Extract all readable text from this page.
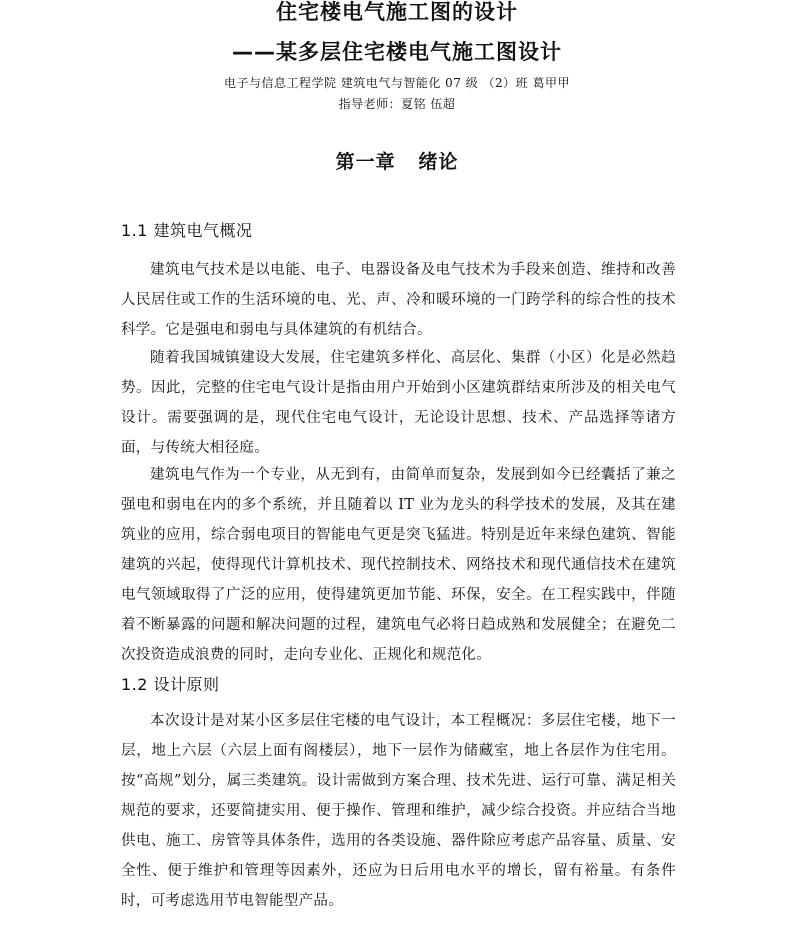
住宅楼电气施工图的设计
——某多层住宅楼电气施工图设计
电子与信息工程学院 建筑电气与智能化 07 级 （2）班 葛甲甲
指导老师：夏铭 伍超
第一章   绪论
1.1 建筑电气概况

建筑电气技术是以电能、电子、电器设备及电气技术为手段来创造、维持和改善人民居住或工作的生活环境的电、光、声、冷和暖环境的一门跨学科的综合性的技术科学。它是强电和弱电与具体建筑的有机结合。

随着我国城镇建设大发展，住宅建筑多样化、高层化、集群（小区）化是必然趋势。因此，完整的住宅电气设计是指由用户开始到小区建筑群结束所涉及的相关电气设计。需要强调的是，现代住宅电气设计，无论设计思想、技术、产品选择等诸方面，与传统大相径庭。

建筑电气作为一个专业，从无到有，由简单而复杂，发展到如今已经囊括了兼之强电和弱电在内的多个系统，并且随着以 IT 业为龙头的科学技术的发展，及其在建筑业的应用，综合弱电项目的智能电气更是突飞猛进。特别是近年来绿色建筑、智能建筑的兴起，使得现代计算机技术、现代控制技术、网络技术和现代通信技术在建筑电气领域取得了广泛的应用，使得建筑更加节能、环保，安全。在工程实践中，伴随着不断暴露的问题和解决问题的过程，建筑电气必将日趋成熟和发展健全；在避免二次投资造成浪费的同时，走向专业化、正规化和规范化。

1.2 设计原则

本次设计是对某小区多层住宅楼的电气设计，本工程概况：多层住宅楼，地下一层，地上六层（六层上面有阁楼层），地下一层作为储藏室，地上各层作为住宅用。按“高规”划分，属三类建筑。设计需做到方案合理、技术先进、运行可靠、满足相关规范的要求，还要简捷实用、便于操作、管理和维护，减少综合投资。并应结合当地供电、施工、房管等具体条件，选用的各类设施、器件除应考虑产品容量、质量、安全性、便于维护和管理等因素外，还应为日后用电水平的增长，留有裕量。有条件时，可考虑选用节电智能型产品。
